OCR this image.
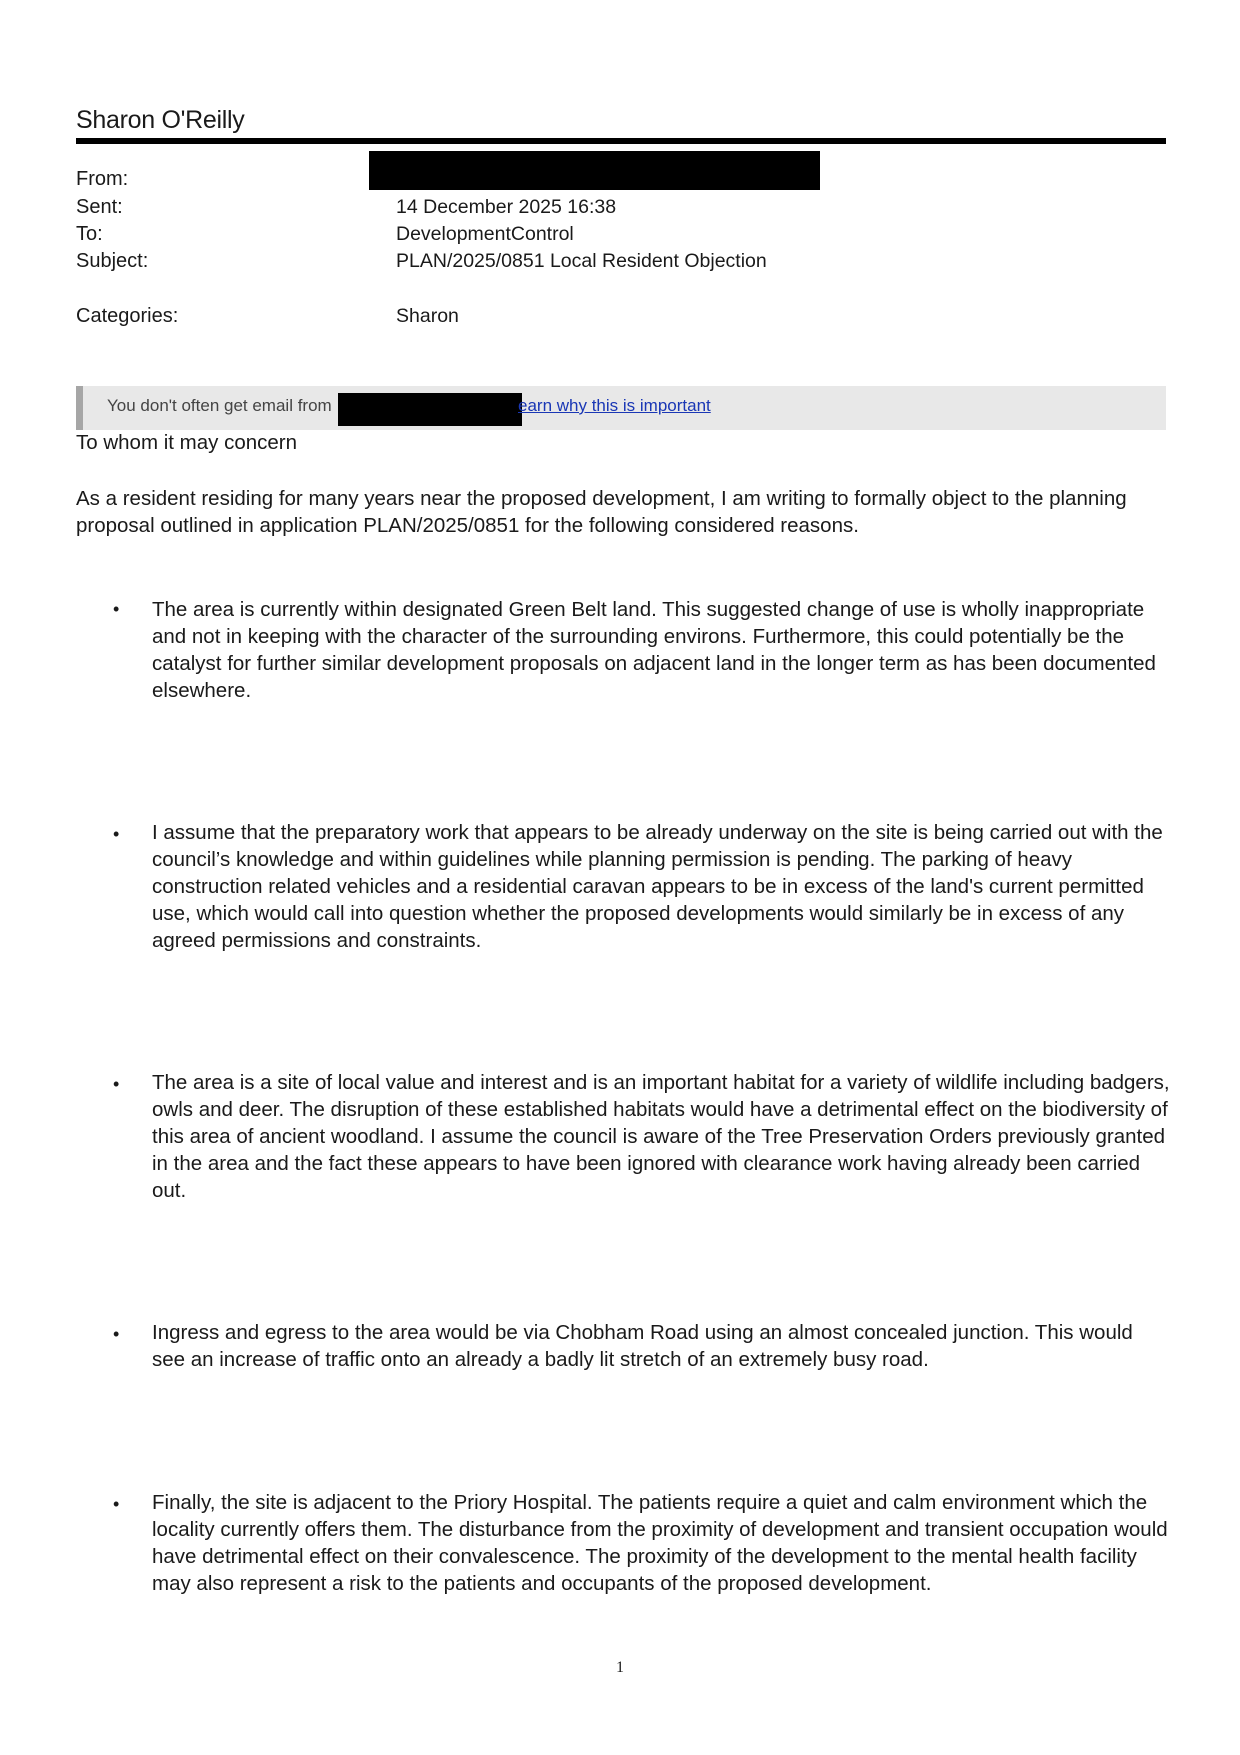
Sharon O'Reilly
From:
Sent:	14 December 2025 16:38
To:	DevelopmentControl
Subject:	PLAN/2025/0851 Local Resident Objection
Categories:	Sharon
You don't often get email from	earn why this is important
To whom it may concern
As a resident residing for many years near the proposed development, I am writing to formally object to the planning proposal outlined in application PLAN/2025/0851 for the following considered reasons.
• The area is currently within designated Green Belt land. This suggested change of use is wholly inappropriate and not in keeping with the character of the surrounding environs. Furthermore, this could potentially be the catalyst for further similar development proposals on adjacent land in the longer term as has been documented elsewhere.
• I assume that the preparatory work that appears to be already underway on the site is being carried out with the council’s knowledge and within guidelines while planning permission is pending. The parking of heavy construction related vehicles and a residential caravan appears to be in excess of the land's current permitted use, which would call into question whether the proposed developments would similarly be in excess of any agreed permissions and constraints.
• The area is a site of local value and interest and is an important habitat for a variety of wildlife including badgers, owls and deer. The disruption of these established habitats would have a detrimental effect on the biodiversity of this area of ancient woodland. I assume the council is aware of the Tree Preservation Orders previously granted in the area and the fact these appears to have been ignored with clearance work having already been carried out.
• Ingress and egress to the area would be via Chobham Road using an almost concealed junction. This would see an increase of traffic onto an already a badly lit stretch of an extremely busy road.
• Finally, the site is adjacent to the Priory Hospital. The patients require a quiet and calm environment which the locality currently offers them. The disturbance from the proximity of development and transient occupation would have detrimental effect on their convalescence. The proximity of the development to the mental health facility may also represent a risk to the patients and occupants of the proposed development.
1
